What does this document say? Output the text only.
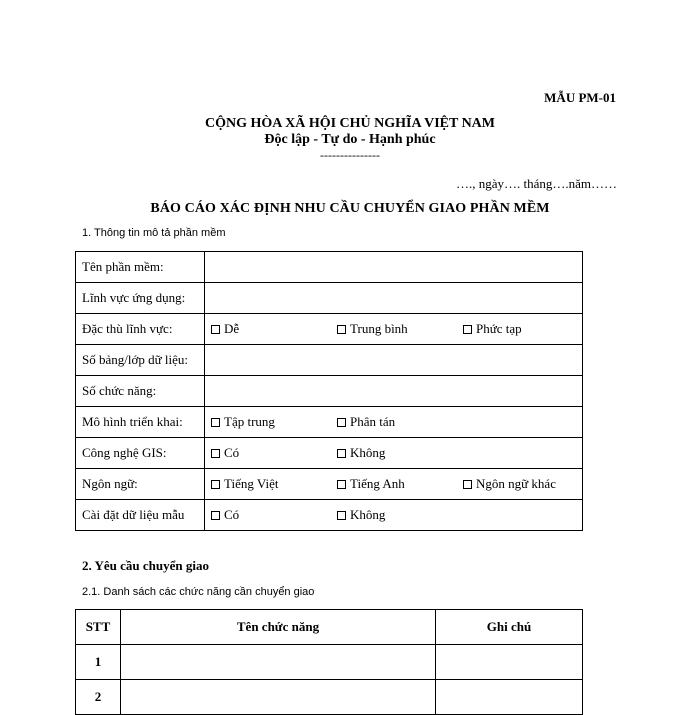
MẪU PM-01
CỘNG HÒA XÃ HỘI CHỦ NGHĨA VIỆT NAM
Độc lập - Tự do - Hạnh phúc
---------------
…., ngày…. tháng….năm……
BÁO CÁO XÁC ĐỊNH NHU CẦU CHUYỂN GIAO PHẦN MỀM
1. Thông tin mô tả phần mềm
Tên phần mềm:	
Lĩnh vực ứng dụng:	
Đặc thù lĩnh vực:	Dễ Trung bình Phức tạp

Số bảng/lớp dữ liệu:	
Số chức năng:	
Mô hình triển khai:	Tập trung Phân tán

Công nghệ GIS:	Có Không

Ngôn ngữ:	Tiếng Việt Tiếng Anh Ngôn ngữ khác

Cài đặt dữ liệu mẫu	Có Không
2. Yêu cầu chuyển giao
2.1. Danh sách các chức năng cần chuyển giao
STT	Tên chức năng	Ghi chú
1		
2		
